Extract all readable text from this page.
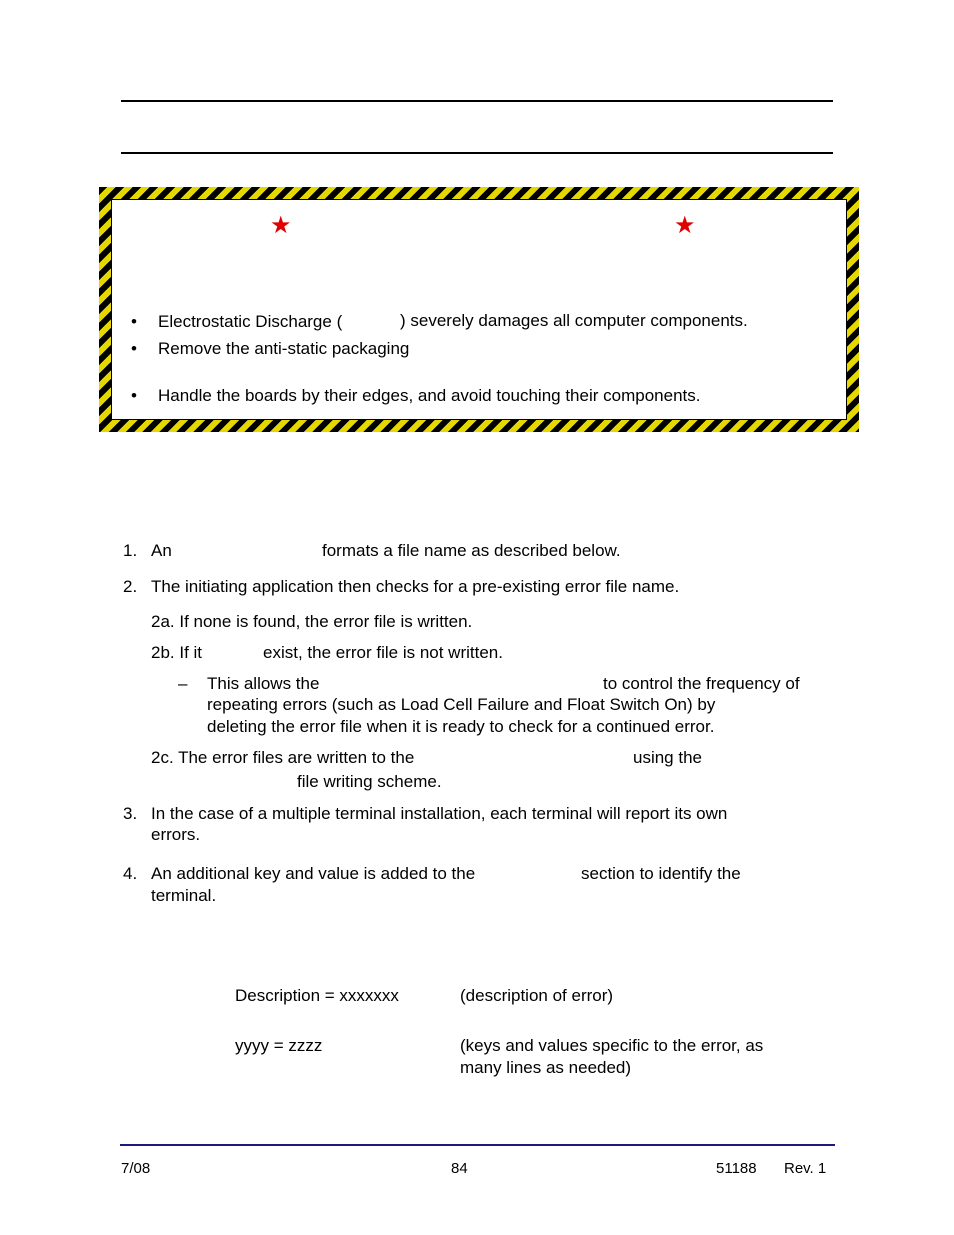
★	★
• Electrostatic Discharge (	) severely damages all computer components.
• Remove the anti-static packaging
• Handle the boards by their edges, and avoid touching their components.
1. An	formats a file name as described below.
2. The initiating application then checks for a pre-existing error file name.
2a. If none is found, the error file is written.
2b. If it	exist, the error file is not written.
– This allows the	to control the frequency of
repeating errors (such as Load Cell Failure and Float Switch On) by
deleting the error file when it is ready to check for a continued error.
2c. The error files are written to the	using the
file writing scheme.
3. In the case of a multiple terminal installation, each terminal will report its own
errors.
4. An additional key and value is added to the	section to identify the
terminal.
Description = xxxxxxx	(description of error)
yyyy = zzzz	(keys and values specific to the error, as
many lines as needed)
7/08	84	51188 Rev. 1
